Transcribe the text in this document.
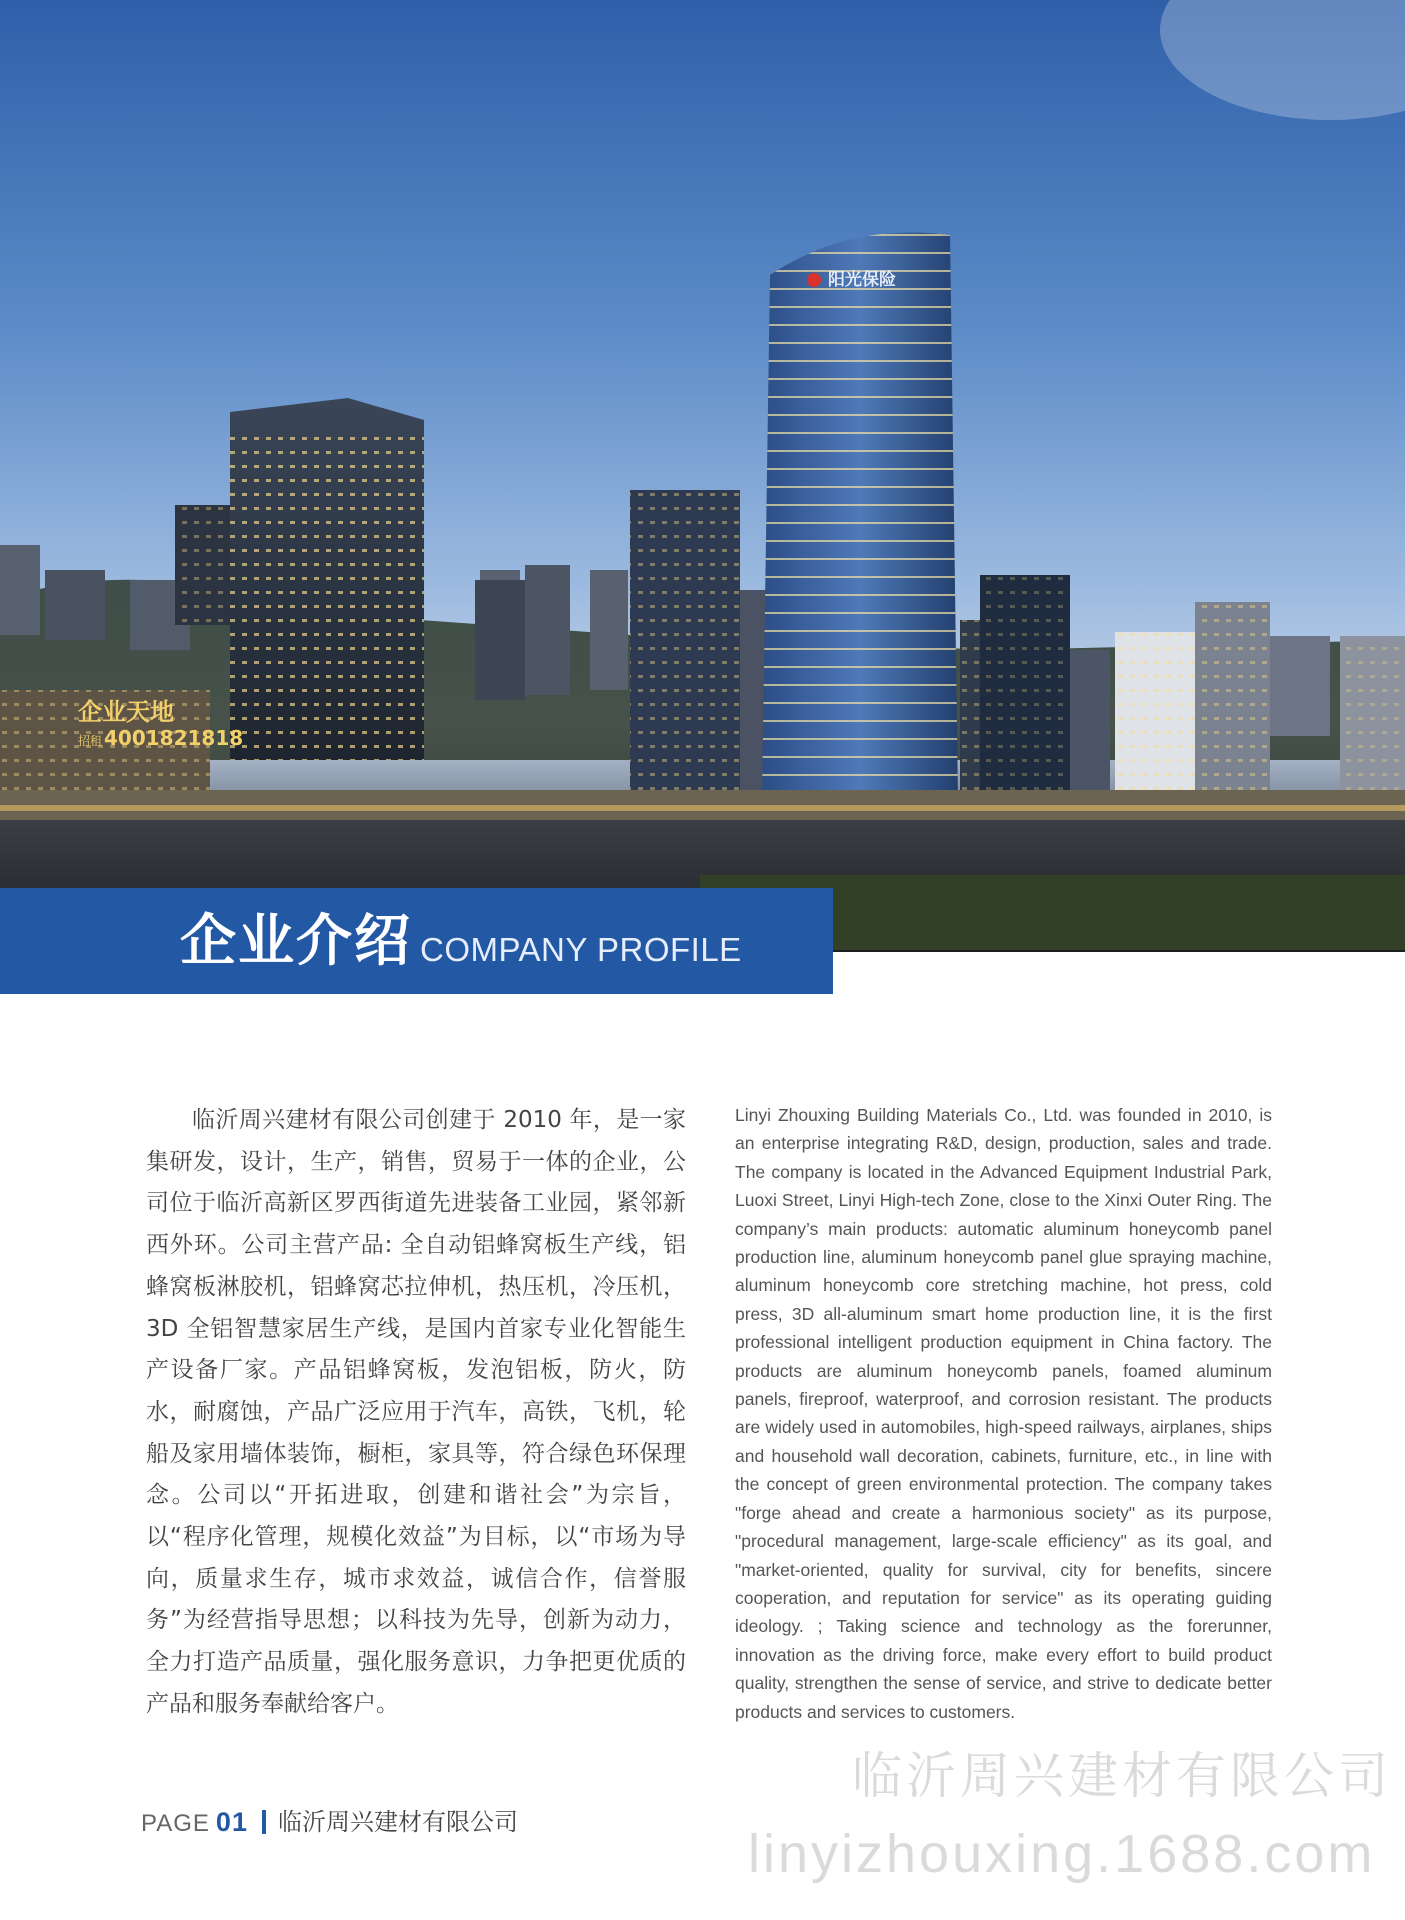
企业天地
招租 4001821818
阳光保险
企业介绍 COMPANY PROFILE
临沂周兴建材有限公司创建于 2010 年，是一家集研发，设计，生产，销售，贸易于一体的企业，公司位于临沂高新区罗西街道先进装备工业园，紧邻新西外环。公司主营产品: 全自动铝蜂窝板生产线，铝蜂窝板淋胶机，铝蜂窝芯拉伸机，热压机，冷压机，3D 全铝智慧家居生产线，是国内首家专业化智能生产设备厂家。产品铝蜂窝板，发泡铝板，防火，防水，耐腐蚀，产品广泛应用于汽车，高铁，飞机，轮船及家用墙体装饰，橱柜，家具等，符合绿色环保理念。公司以“开拓进取，创建和谐社会”为宗旨，以“程序化管理，规模化效益”为目标，以“市场为导向，质量求生存，城市求效益，诚信合作，信誉服务”为经营指导思想；以科技为先导，创新为动力，全力打造产品质量，强化服务意识，力争把更优质的产品和服务奉献给客户。
Linyi Zhouxing Building Materials Co., Ltd. was founded in 2010, is an enterprise integrating R&D, design, production, sales and trade. The company is located in the Advanced Equipment Industrial Park, Luoxi Street, Linyi High-tech Zone, close to the Xinxi Outer Ring. The company’s main products: automatic aluminum honeycomb panel production line, aluminum honeycomb panel glue spraying machine, aluminum honeycomb core stretching machine, hot press, cold press, 3D all-aluminum smart home production line, it is the first professional intelligent production equipment in China factory. The products are aluminum honeycomb panels, foamed aluminum panels, fireproof, waterproof, and corrosion resistant. The products are widely used in automobiles, high-speed railways, airplanes, ships and household wall decoration, cabinets, furniture, etc., in line with the concept of green environmental protection. The company takes "forge ahead and create a harmonious society" as its purpose, "procedural management, large-scale efficiency" as its goal, and "market-oriented, quality for survival, city for benefits, sincere cooperation, and reputation for service" as its operating guiding ideology. ; Taking science and technology as the forerunner, innovation as the driving force, make every effort to build product quality, strengthen the sense of service, and strive to dedicate better products and services to customers.
PAGE 01 临沂周兴建材有限公司
临沂周兴建材有限公司
linyizhouxing.1688.com
